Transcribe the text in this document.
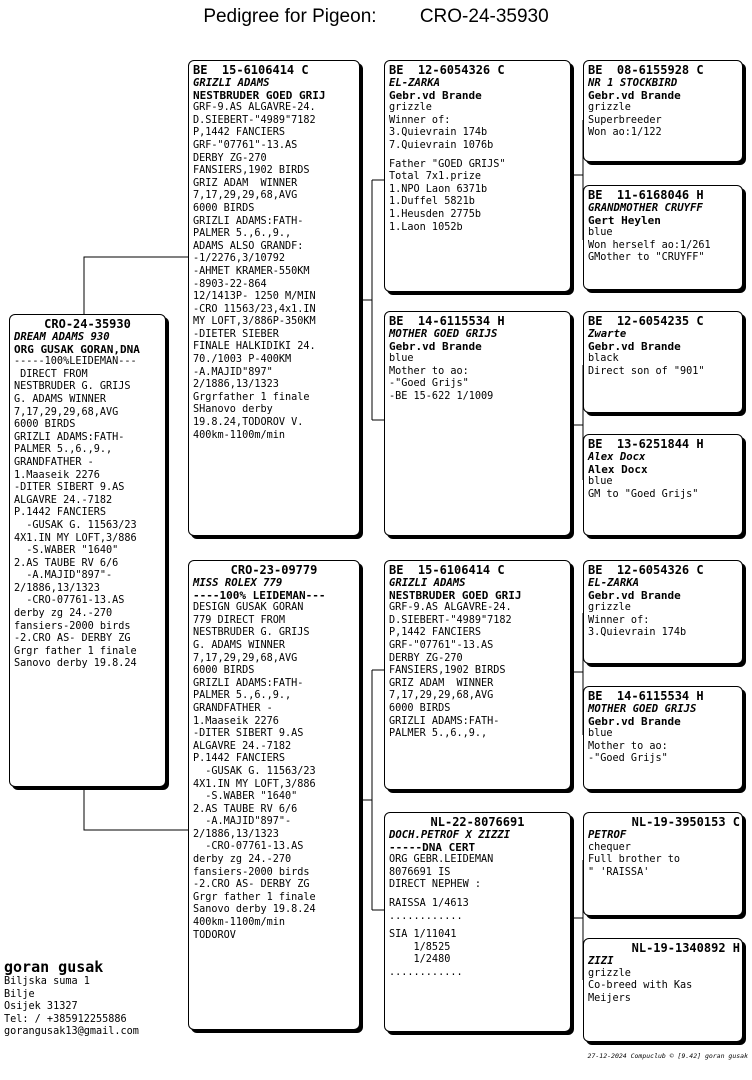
Pedigree for Pigeon: CRO-24-35930
CRO-24-35930
DREAM ADAMS 930
ORG GUSAK GORAN,DNA
-----100%LEIDEMAN---
DIRECT FROM
NESTBRUDER G. GRIJS
G. ADAMS WINNER
7,17,29,29,68,AVG
6000 BIRDS
GRIZLI ADAMS:FATH-
PALMER 5.,6.,9.,
GRANDFATHER -
1.Maaseik 2276
-DITER SIBERT 9.AS
ALGAVRE 24.-7182
P.1442 FANCIERS
-GUSAK G. 11563/23
4X1.IN MY LOFT,3/886
-S.WABER "1640"
2.AS TAUBE RV 6/6
-A.MAJID"897"-
2/1886,13/1323
-CRO-07761-13.AS
derby zg 24.-270
fansiers-2000 birds
-2.CRO AS- DERBY ZG
Grgr father 1 finale
Sanovo derby 19.8.24
BE  15-6106414 C
GRIZLI ADAMS
NESTBRUDER GOED GRIJ
GRF-9.AS ALGAVRE-24.
D.SIEBERT-"4989"7182
P,1442 FANCIERS
GRF-"07761"-13.AS
DERBY ZG-270
FANSIERS,1902 BIRDS
GRIZ ADAM  WINNER
7,17,29,29,68,AVG
6000 BIRDS
GRIZLI ADAMS:FATH-
PALMER 5.,6.,9.,
ADAMS ALSO GRANDF:
-1/2276,3/10792
-AHMET KRAMER-550KM
-8903-22-864
12/1413P- 1250 M/MIN
-CRO 11563/23,4x1.IN
MY LOFT,3/886P-350KM
-DIETER SIEBER
FINALE HALKIDIKI 24.
70./1003 P-400KM
-A.MAJID"897"
2/1886,13/1323
Grgrfather 1 finale
SHanovo derby
19.8.24,TODOROV V.
400km-1100m/min
CRO-23-09779
MISS ROLEX 779
----100% LEIDEMAN---
DESIGN GUSAK GORAN
779 DIRECT FROM
NESTBRUDER G. GRIJS
G. ADAMS WINNER
7,17,29,29,68,AVG
6000 BIRDS
GRIZLI ADAMS:FATH-
PALMER 5.,6.,9.,
GRANDFATHER -
1.Maaseik 2276
-DITER SIBERT 9.AS
ALGAVRE 24.-7182
P.1442 FANCIERS
-GUSAK G. 11563/23
4X1.IN MY LOFT,3/886
-S.WABER "1640"
2.AS TAUBE RV 6/6
-A.MAJID"897"-
2/1886,13/1323
-CRO-07761-13.AS
derby zg 24.-270
fansiers-2000 birds
-2.CRO AS- DERBY ZG
Grgr father 1 finale
Sanovo derby 19.8.24
400km-1100m/min
TODOROV
BE  12-6054326 C
EL-ZARKA
Gebr.vd Brande
grizzle
Winner of:
3.Quievrain 174b
7.Quievrain 1076b
Father "GOED GRIJS"
Total 7x1.prize
1.NPO Laon 6371b
1.Duffel 5821b
1.Heusden 2775b
1.Laon 1052b
BE  14-6115534 H
MOTHER GOED GRIJS
Gebr.vd Brande
blue
Mother to ao:
-"Goed Grijs"
-BE 15-622 1/1009
BE  15-6106414 C
GRIZLI ADAMS
NESTBRUDER GOED GRIJ
GRF-9.AS ALGAVRE-24.
D.SIEBERT-"4989"7182
P,1442 FANCIERS
GRF-"07761"-13.AS
DERBY ZG-270
FANSIERS,1902 BIRDS
GRIZ ADAM  WINNER
7,17,29,29,68,AVG
6000 BIRDS
GRIZLI ADAMS:FATH-
PALMER 5.,6.,9.,
NL-22-8076691
DOCH.PETROF X ZIZZI
-----DNA CERT
ORG GEBR.LEIDEMAN
8076691 IS
DIRECT NEPHEW :
RAISSA 1/4613
............
SIA 1/11041
1/8525
1/2480
............
BE  08-6155928 C
NR 1 STOCKBIRD
Gebr.vd Brande
grizzle
Superbreeder
Won ao:1/122
BE  11-6168046 H
GRANDMOTHER CRUYFF
Gert Heylen
blue
Won herself ao:1/261
GMother to "CRUYFF"
BE  12-6054235 C
Zwarte
Gebr.vd Brande
black
Direct son of "901"
BE  13-6251844 H
Alex Docx
Alex Docx
blue
GM to "Goed Grijs"
BE  12-6054326 C
EL-ZARKA
Gebr.vd Brande
grizzle
Winner of:
3.Quievrain 174b
BE  14-6115534 H
MOTHER GOED GRIJS
Gebr.vd Brande
blue
Mother to ao:
-"Goed Grijs"
NL-19-3950153 C
PETROF
chequer
Full brother to
" 'RAISSA'
NL-19-1340892 H
ZIZI
grizzle
Co-breed with Kas
Meijers
goran gusak
Biljska suma 1
Bilje
Osijek 31327
Tel: / +385912255886
gorangusak13@gmail.com
27-12-2024 Compuclub © [9.42] goran gusak
